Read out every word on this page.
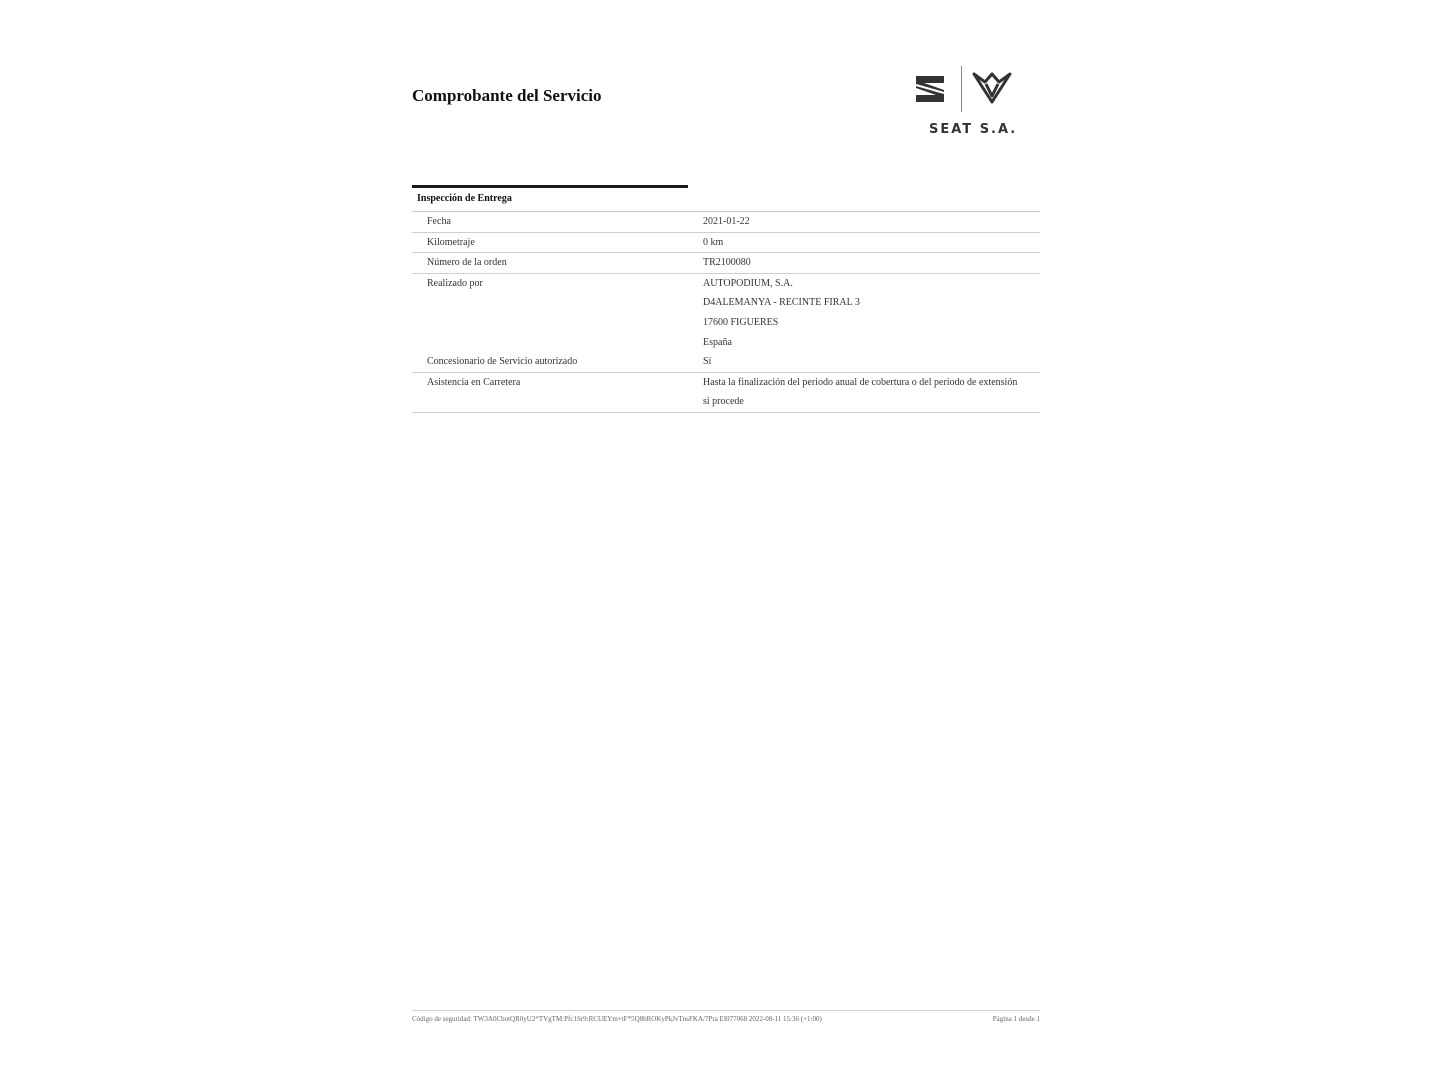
Comprobante del Servicio
SEAT S.A.
Inspección de Entrega
Fecha	2021-01-22
Kilometraje	0 km
Número de la orden	TR2100080
Realizado por	AUTOPODIUM, S.A.
D4ALEMANYA - RECINTE FIRAL 3
17600 FIGUERES
España
Concesionario de Servicio autorizado	Sí
Asistencia en Carretera	Hasta la finalización del periodo anual de cobertura o del periodo de extensión
si procede
Código de seguridad: TW3A0CbotQR0yU2*TVgTM:Pfc1Sr9:RCUEYm+tF*5Q8bROKyPkJvTnsFKA/7Pra EI077068 2022-08-11 15:36 (+1:00)	Página 1 desde 1
